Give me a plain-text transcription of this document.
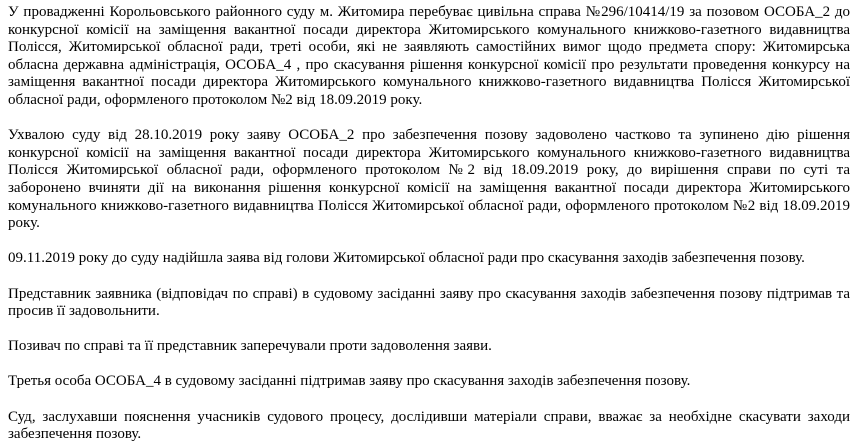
У провадженні Корольовського районного суду м. Житомира перебуває цивільна справа №296/10414/19 за позовом ОСОБА_2 до конкурсної комісії на заміщення вакантної посади директора Житомирського комунального книжково-газетного видавництва Полісся, Житомирської обласної ради, треті особи, які не заявляють самостійних вимог щодо предмета спору: Житомирська обласна державна адміністрація, ОСОБА_4 , про скасування рішення конкурсної комісії про результати проведення конкурсу на заміщення вакантної посади директора Житомирського комунального книжково-газетного видавництва Полісся Житомирської обласної ради, оформленого протоколом №2 від 18.09.2019 року.

Ухвалою суду від 28.10.2019 року заяву ОСОБА_2 про забезпечення позову задоволено частково та зупинено дію рішення конкурсної комісії на заміщення вакантної посади директора Житомирського комунального книжково-газетного видавництва Полісся Житомирської обласної ради, оформленого протоколом №2 від 18.09.2019 року, до вирішення справи по суті та заборонено вчиняти дії на виконання рішення конкурсної комісії на заміщення вакантної посади директора Житомирського комунального книжково-газетного видавництва Полісся Житомирської обласної ради, оформленого протоколом №2 від 18.09.2019 року.

09.11.2019 року до суду надійшла заява від голови Житомирської обласної ради про скасування заходів забезпечення позову.

Представник заявника (відповідач по справі) в судовому засіданні заяву про скасування заходів забезпечення позову підтримав та просив її задовольнити.

Позивач по справі та її представник заперечували проти задоволення заяви.

Третья особа ОСОБА_4 в судовому засіданні підтримав заяву про скасування заходів забезпечення позову.

Суд, заслухавши пояснення учасників судового процесу, дослідивши матеріали справи, вважає за необхідне скасувати заходи забезпечення позову.
